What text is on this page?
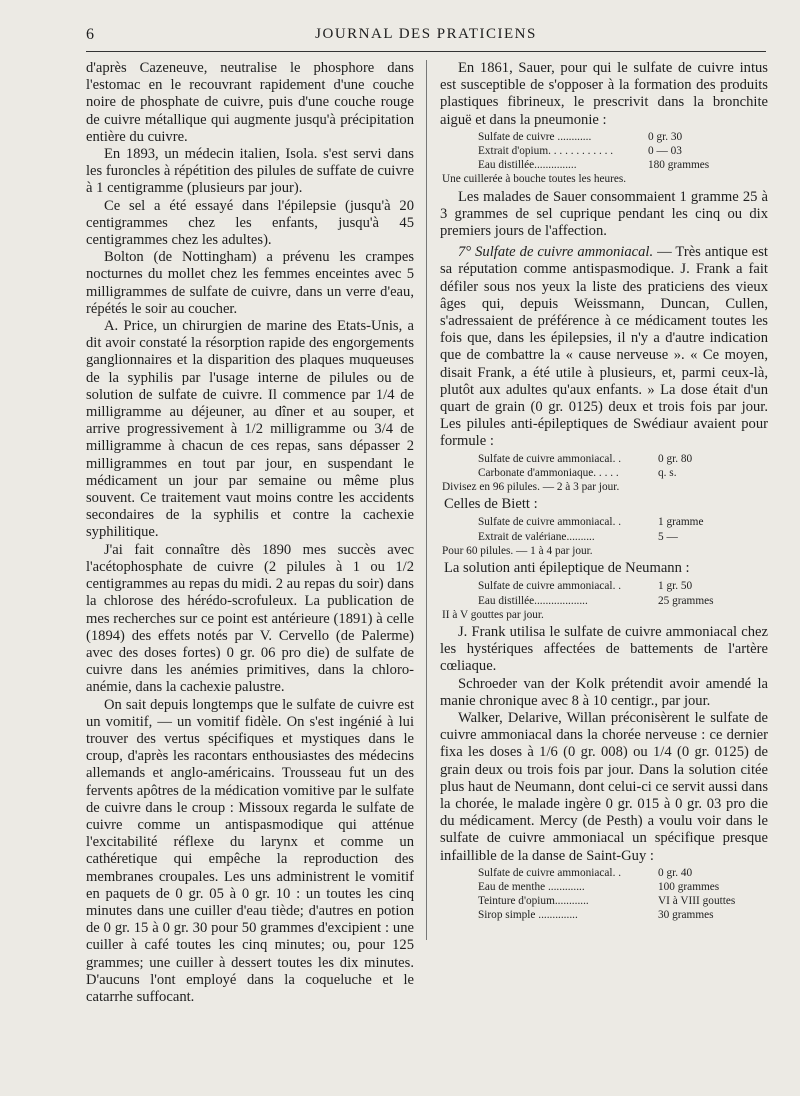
6	JOURNAL DES PRATICIENS

d'après Cazeneuve, neutralise le phosphore dans l'estomac en le recouvrant rapidement d'une couche noire de phosphate de cuivre, puis d'une couche rouge de cuivre métallique qui augmente jusqu'à précipitation entière du cuivre.

En 1893, un médecin italien, Isola. s'est servi dans les furoncles à répétition des pilules de suffate de cuivre à 1 centigramme (plusieurs par jour).

Ce sel a été essayé dans l'épilepsie (jusqu'à 20 centigrammes chez les enfants, jusqu'à 45 centigrammes chez les adultes).

Bolton (de Nottingham) a prévenu les crampes nocturnes du mollet chez les femmes enceintes avec 5 milligrammes de sulfate de cuivre, dans un verre d'eau, répétés le soir au coucher.

A. Price, un chirurgien de marine des Etats-Unis, a dit avoir constaté la résorption rapide des engorgements ganglionnaires et la disparition des plaques muqueuses de la syphilis par l'usage interne de pilules ou de solution de sulfate de cuivre. Il commence par 1/4 de milligramme au déjeuner, au dîner et au souper, et arrive progressivement à 1/2 milligramme ou 3/4 de milligramme à chacun de ces repas, sans dépasser 2 milligrammes en tout par jour, en suspendant le médicament un jour par semaine ou même plus souvent. Ce traitement vaut moins contre les accidents secondaires de la syphilis et contre la cachexie syphilitique.

J'ai fait connaître dès 1890 mes succès avec l'acétophosphate de cuivre (2 pilules à 1 ou 1/2 centigrammes au repas du midi. 2 au repas du soir) dans la chlorose des hérédo-scrofuleux. La publication de mes recherches sur ce point est antérieure (1891) à celle (1894) des effets notés par V. Cervello (de Palerme) avec des doses fortes) 0 gr. 06 pro die) de sulfate de cuivre dans les anémies primitives, dans la chloro-anémie, dans la cachexie palustre.

On sait depuis longtemps que le sulfate de cuivre est un vomitif, — un vomitif fidèle. On s'est ingénié à lui trouver des vertus spécifiques et mystiques dans le croup, d'après les racontars enthousiastes des médecins allemands et anglo-américains. Trousseau fut un des fervents apôtres de la médication vomitive par le sulfate de cuivre dans le croup : Missoux regarda le sulfate de cuivre comme un antispasmodique qui atténue l'excitabilité réflexe du larynx et comme un cathéretique qui empêche la reproduction des membranes croupales. Les uns administrent le vomitif en paquets de 0 gr. 05 à 0 gr. 10 : un toutes les cinq minutes dans une cuiller d'eau tiède; d'autres en potion de 0 gr. 15 à 0 gr. 30 pour 50 grammes d'excipient : une cuiller à café toutes les cinq minutes; ou, pour 125 grammes; une cuiller à dessert toutes les dix minutes. D'aucuns l'ont employé dans la coqueluche et le catarrhe suffocant.

En 1861, Sauer, pour qui le sulfate de cuivre intus est susceptible de s'opposer à la formation des produits plastiques fibrineux, le prescrivit dans la bronchite aiguë et dans la pneumonie :

Sulfate de cuivre ............	0 gr. 30
Extrait d'opium. . . . . . . . . . . .	0 — 03
Eau distillée...............	180 grammes
Une cuillerée à bouche toutes les heures.

Les malades de Sauer consommaient 1 gramme 25 à 3 grammes de sel cuprique pendant les cinq ou dix premiers jours de l'affection.

7° Sulfate de cuivre ammoniacal. — Très antique est sa réputation comme antispasmodique. J. Frank a fait défiler sous nos yeux la liste des praticiens des vieux âges qui, depuis Weissmann, Duncan, Cullen, s'adressaient de préférence à ce médicament toutes les fois que, dans les épilepsies, il n'y a d'autre indication que de combattre la « cause nerveuse ». « Ce moyen, disait Frank, a été utile à plusieurs, et, parmi ceux-là, plutôt aux adultes qu'aux enfants. » La dose était d'un quart de grain (0 gr. 0125) deux et trois fois par jour. Les pilules anti-épileptiques de Swédiaur avaient pour formule :

Sulfate de cuivre ammoniacal. .	0 gr. 80
Carbonate d'ammoniaque. . . . .	q. s.
Divisez en 96 pilules. — 2 à 3 par jour.

Celles de Biett :

Sulfate de cuivre ammoniacal. .	1 gramme
Extrait de valériane..........	5 —
Pour 60 pilules. — 1 à 4 par jour.

La solution anti épileptique de Neumann :

Sulfate de cuivre ammoniacal. .	1 gr. 50
Eau distillée...................	25 grammes
II à V gouttes par jour.

J. Frank utilisa le sulfate de cuivre ammoniacal chez les hystériques affectées de battements de l'artère cœliaque.

Schroeder van der Kolk prétendit avoir amendé la manie chronique avec 8 à 10 centigr., par jour.

Walker, Delarive, Willan préconisèrent le sulfate de cuivre ammoniacal dans la chorée nerveuse : ce dernier fixa les doses à 1/6 (0 gr. 008) ou 1/4 (0 gr. 0125) de grain deux ou trois fois par jour. Dans la solution citée plus haut de Neumann, dont celui-ci ce servit aussi dans la chorée, le malade ingère 0 gr. 015 à 0 gr. 03 pro die du médicament. Mercy (de Pesth) a voulu voir dans le sulfate de cuivre ammoniacal un spécifique presque infaillible de la danse de Saint-Guy :

Sulfate de cuivre ammoniacal. .	0 gr. 40
Eau de menthe .............	100 grammes
Teinture d'opium............	VI à VIII gouttes
Sirop simple ..............	30 grammes
